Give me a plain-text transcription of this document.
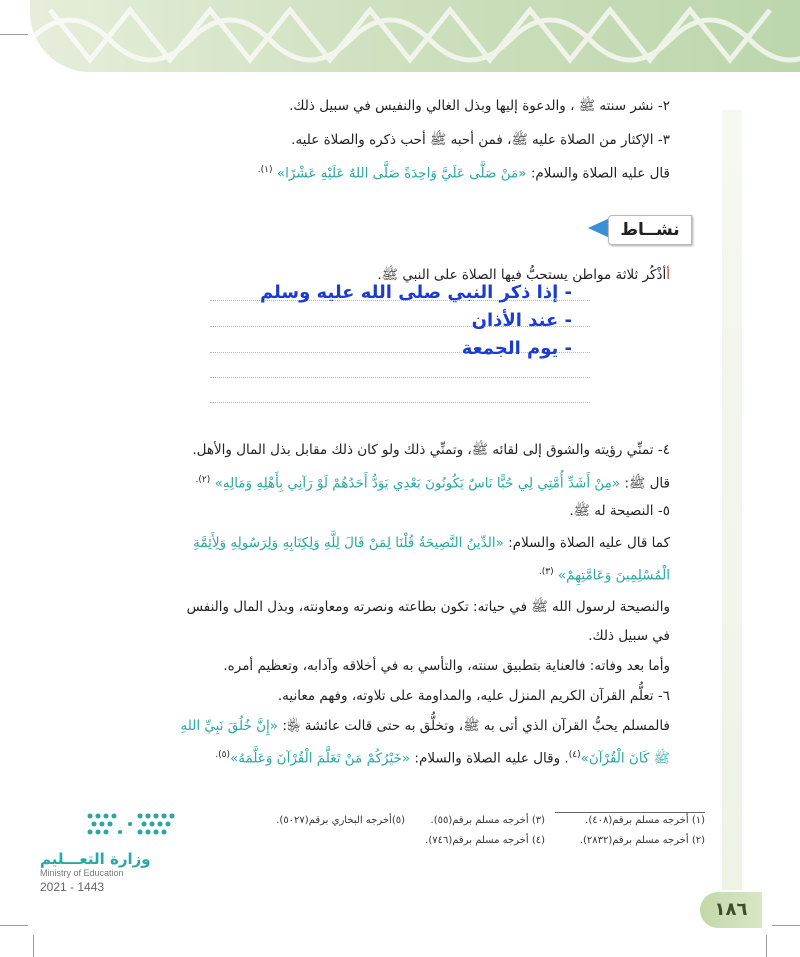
٢- نشر سنته ﷺ ، والدعوة إليها وبذل الغالي والنفيس في سبيل ذلك.
٣- الإكثار من الصلاة عليه ﷺ، فمن أحبه ﷺ أحب ذكره والصلاة عليه.
قال عليه الصلاة والسلام: «مَنْ صَلَّى عَلَيَّ وَاحِدَةً صَلَّى اللهُ عَلَيْهِ عَشْرًا» $^{(١).}$
نشــاط
أأذْكُر ثلاثة مواطن يستحبُّ فيها الصلاة على النبي ﷺ.
- إذا ذكر النبي صلى الله عليه وسلم
- عند الأذان
- يوم الجمعة
٤- تمنِّي رؤيته والشوق إلى لقائه ﷺ، وتمنِّي ذلك ولو كان ذلك مقابل بذل المال والأهل.
قال ﷺ: «مِنْ أَشَدِّ أُمَّتِي لِي حُبًّا نَاسٌ يَكُونُونَ بَعْدِي يَوَدُّ أَحَدُهُمْ لَوْ رَآنِي بِأَهْلِهِ وَمَالِهِ» $^{(٢).}$
٥- النصيحة له ﷺ.
كما قال عليه الصلاة والسلام: «الدِّينُ النَّصِيحَةُ قُلْنَا لِمَنْ قَالَ لِلَّهِ وَلِكِتَابِهِ وَلِرَسُولِهِ وَلِأَئِمَّةِ
الْمُسْلِمِينَ وَعَامَّتِهِمْ» $^{(٣).}$
والنصيحة لرسول الله ﷺ في حياته: تكون بطاعته ونصرته ومعاونته، وبذل المال والنفس
في سبيل ذلك.
وأما بعد وفاته: فالعناية بتطبيق سنته، والتأسي به في أخلاقه وآدابه، وتعظيم أمره.
٦- تعلُّم القرآن الكريم المنزل عليه، والمداومة على تلاوته، وفهم معانيه.
فالمسلم يحبُّ القرآن الذي أتى به ﷺ، وتخلُّق به حتى قالت عائشة ﵂: «إِنَّ خُلُقَ نَبِيِّ اللهِ
ﷺ كَانَ الْقُرْآنَ»$^{(٤)}$. وقال عليه الصلاة والسلام: «خَيْرُكُمْ مَنْ تَعَلَّمَ الْقُرْآنَ وَعَلَّمَهُ»$^{(٥).}$
(١) أخرجه مسلم برقم(٤٠٨).
(٢) أخرجه مسلم برقم(٢٨٣٢).
(٣) أخرجه مسلم برقم(٥٥).
(٤) أخرجه مسلم برقم(٧٤٦).
(٥)أخرجه البخاري برقم(٥٠٢٧).
وزارة التعـــليم
Ministry of Education
2021 - 1443
١٨٦
